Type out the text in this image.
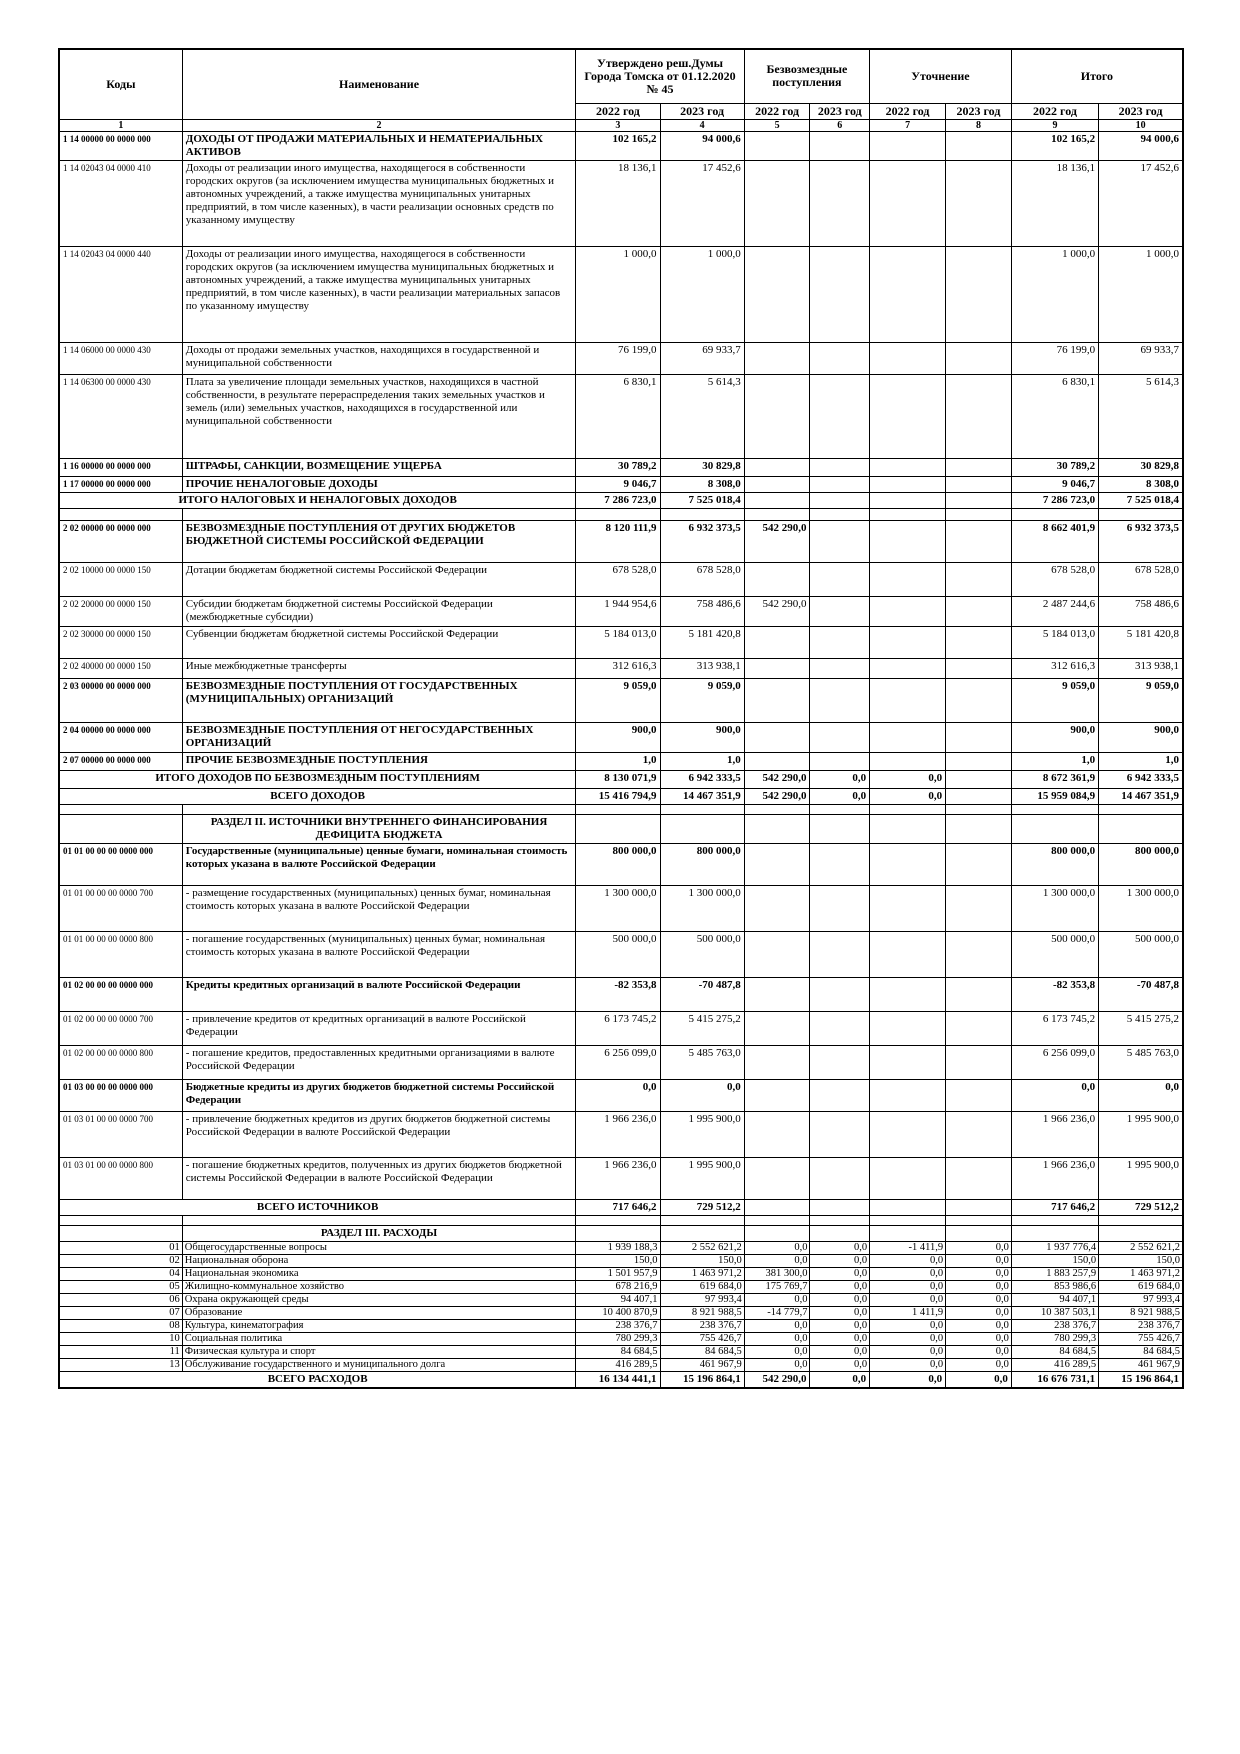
Коды	Наименование	Утверждено реш.Думы Города Томска от 01.12.2020 № 45		Безвозмездные поступления		Уточнение		Итого	
		2022 год	2023 год	2022 год	2023 год	2022 год	2023 год	2022 год	2023 год
1	2	3	4	5	6	7	8	9	10
1 14 00000 00 0000 000	ДОХОДЫ ОТ ПРОДАЖИ МАТЕРИАЛЬНЫХ И НЕМАТЕРИАЛЬНЫХ АКТИВОВ	102 165,2	94 000,6					102 165,2	94 000,6
1 14 02043 04 0000 410	Доходы от реализации иного имущества, находящегося в собственности городских округов (за исключением имущества муниципальных бюджетных и автономных учреждений, а также имущества муниципальных унитарных предприятий, в том числе казенных), в части реализации основных средств по указанному имуществу	18 136,1	17 452,6					18 136,1	17 452,6
1 14 02043 04 0000 440	Доходы от реализации иного имущества, находящегося в собственности городских округов (за исключением имущества муниципальных бюджетных и автономных учреждений, а также имущества муниципальных унитарных предприятий, в том числе казенных), в части реализации материальных запасов по указанному имуществу	1 000,0	1 000,0					1 000,0	1 000,0
1 14 06000 00 0000 430	Доходы от продажи земельных участков, находящихся в государственной и муниципальной собственности	76 199,0	69 933,7					76 199,0	69 933,7
1 14 06300 00 0000 430	Плата за увеличение площади земельных участков, находящихся в частной собственности, в результате перераспределения таких земельных участков и земель (или) земельных участков, находящихся в государственной или муниципальной собственности	6 830,1	5 614,3					6 830,1	5 614,3
1 16 00000 00 0000 000	ШТРАФЫ, САНКЦИИ, ВОЗМЕЩЕНИЕ УЩЕРБА	30 789,2	30 829,8					30 789,2	30 829,8
1 17 00000 00 0000 000	ПРОЧИЕ НЕНАЛОГОВЫЕ ДОХОДЫ	9 046,7	8 308,0					9 046,7	8 308,0
ИТОГО НАЛОГОВЫХ И НЕНАЛОГОВЫХ ДОХОДОВ		7 286 723,0	7 525 018,4					7 286 723,0	7 525 018,4

2 02 00000 00 0000 000	БЕЗВОЗМЕЗДНЫЕ ПОСТУПЛЕНИЯ ОТ ДРУГИХ БЮДЖЕТОВ БЮДЖЕТНОЙ СИСТЕМЫ РОССИЙСКОЙ ФЕДЕРАЦИИ	8 120 111,9	6 932 373,5	542 290,0				8 662 401,9	6 932 373,5
2 02 10000 00 0000 150	Дотации бюджетам бюджетной системы Российской Федерации	678 528,0	678 528,0					678 528,0	678 528,0
2 02 20000 00 0000 150	Субсидии бюджетам бюджетной системы Российской Федерации (межбюджетные субсидии)	1 944 954,6	758 486,6	542 290,0				2 487 244,6	758 486,6
2 02 30000 00 0000 150	Субвенции бюджетам бюджетной системы Российской Федерации	5 184 013,0	5 181 420,8					5 184 013,0	5 181 420,8
2 02 40000 00 0000 150	Иные межбюджетные трансферты	312 616,3	313 938,1					312 616,3	313 938,1
2 03 00000 00 0000 000	БЕЗВОЗМЕЗДНЫЕ ПОСТУПЛЕНИЯ ОТ ГОСУДАРСТВЕННЫХ (МУНИЦИПАЛЬНЫХ) ОРГАНИЗАЦИЙ	9 059,0	9 059,0					9 059,0	9 059,0
2 04 00000 00 0000 000	БЕЗВОЗМЕЗДНЫЕ ПОСТУПЛЕНИЯ ОТ НЕГОСУДАРСТВЕННЫХ ОРГАНИЗАЦИЙ	900,0	900,0					900,0	900,0
2 07 00000 00 0000 000	ПРОЧИЕ БЕЗВОЗМЕЗДНЫЕ ПОСТУПЛЕНИЯ	1,0	1,0					1,0	1,0
ИТОГО ДОХОДОВ ПО БЕЗВОЗМЕЗДНЫМ ПОСТУПЛЕНИЯМ		8 130 071,9	6 942 333,5	542 290,0	0,0	0,0		8 672 361,9	6 942 333,5
ВСЕГО ДОХОДОВ		15 416 794,9	14 467 351,9	542 290,0	0,0	0,0		15 959 084,9	14 467 351,9

	РАЗДЕЛ II. ИСТОЧНИКИ ВНУТРЕННЕГО ФИНАНСИРОВАНИЯ ДЕФИЦИТА БЮДЖЕТА								
01 01 00 00 00 0000 000	Государственные (муниципальные) ценные бумаги, номинальная стоимость которых указана в валюте Российской Федерации	800 000,0	800 000,0					800 000,0	800 000,0
01 01 00 00 00 0000 700	- размещение государственных (муниципальных) ценных бумаг, номинальная стоимость которых указана в валюте Российской Федерации	1 300 000,0	1 300 000,0					1 300 000,0	1 300 000,0
01 01 00 00 00 0000 800	- погашение государственных (муниципальных) ценных бумаг, номинальная стоимость которых указана в валюте Российской Федерации	500 000,0	500 000,0					500 000,0	500 000,0
01 02 00 00 00 0000 000	Кредиты кредитных организаций в валюте Российской Федерации	-82 353,8	-70 487,8					-82 353,8	-70 487,8
01 02 00 00 00 0000 700	- привлечение кредитов от кредитных организаций в валюте Российской Федерации	6 173 745,2	5 415 275,2					6 173 745,2	5 415 275,2
01 02 00 00 00 0000 800	- погашение кредитов, предоставленных кредитными организациями в валюте Российской Федерации	6 256 099,0	5 485 763,0					6 256 099,0	5 485 763,0
01 03 00 00 00 0000 000	Бюджетные кредиты из других бюджетов бюджетной системы Российской Федерации	0,0	0,0					0,0	0,0
01 03 01 00 00 0000 700	- привлечение бюджетных кредитов из других бюджетов бюджетной системы Российской Федерации в валюте Российской Федерации	1 966 236,0	1 995 900,0					1 966 236,0	1 995 900,0
01 03 01 00 00 0000 800	- погашение бюджетных кредитов, полученных из других бюджетов бюджетной системы Российской Федерации в валюте Российской Федерации	1 966 236,0	1 995 900,0					1 966 236,0	1 995 900,0
ВСЕГО ИСТОЧНИКОВ		717 646,2	729 512,2					717 646,2	729 512,2

	РАЗДЕЛ III. РАСХОДЫ								
01	Общегосударственные вопросы	1 939 188,3	2 552 621,2	0,0	0,0	-1 411,9	0,0	1 937 776,4	2 552 621,2
02	Национальная оборона	150,0	150,0	0,0	0,0	0,0	0,0	150,0	150,0
04	Национальная экономика	1 501 957,9	1 463 971,2	381 300,0	0,0	0,0	0,0	1 883 257,9	1 463 971,2
05	Жилищно-коммунальное хозяйство	678 216,9	619 684,0	175 769,7	0,0	0,0	0,0	853 986,6	619 684,0
06	Охрана окружающей среды	94 407,1	97 993,4	0,0	0,0	0,0	0,0	94 407,1	97 993,4
07	Образование	10 400 870,9	8 921 988,5	-14 779,7	0,0	1 411,9	0,0	10 387 503,1	8 921 988,5
08	Культура, кинематография	238 376,7	238 376,7	0,0	0,0	0,0	0,0	238 376,7	238 376,7
10	Социальная политика	780 299,3	755 426,7	0,0	0,0	0,0	0,0	780 299,3	755 426,7
11	Физическая культура и спорт	84 684,5	84 684,5	0,0	0,0	0,0	0,0	84 684,5	84 684,5
13	Обслуживание государственного и муниципального долга	416 289,5	461 967,9	0,0	0,0	0,0	0,0	416 289,5	461 967,9
ВСЕГО РАСХОДОВ		16 134 441,1	15 196 864,1	542 290,0	0,0	0,0	0,0	16 676 731,1	15 196 864,1
